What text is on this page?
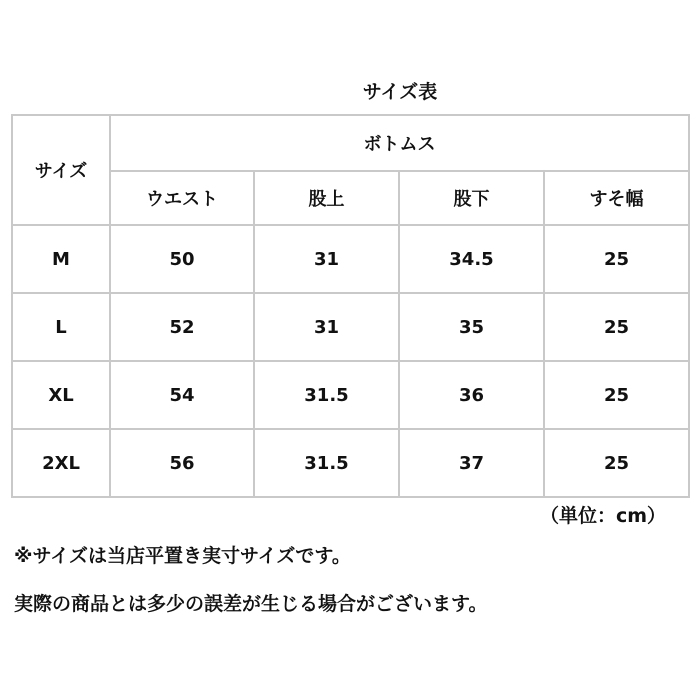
サイズ表
サイズ	ボトムス			
	ウエスト	股上	股下	すそ幅
M	50	31	34.5	25
L	52	31	35	25
XL	54	31.5	36	25
2XL	56	31.5	37	25
（単位：cm）
※サイズは当店平置き実寸サイズです。
実際の商品とは多少の誤差が生じる場合がございます。
